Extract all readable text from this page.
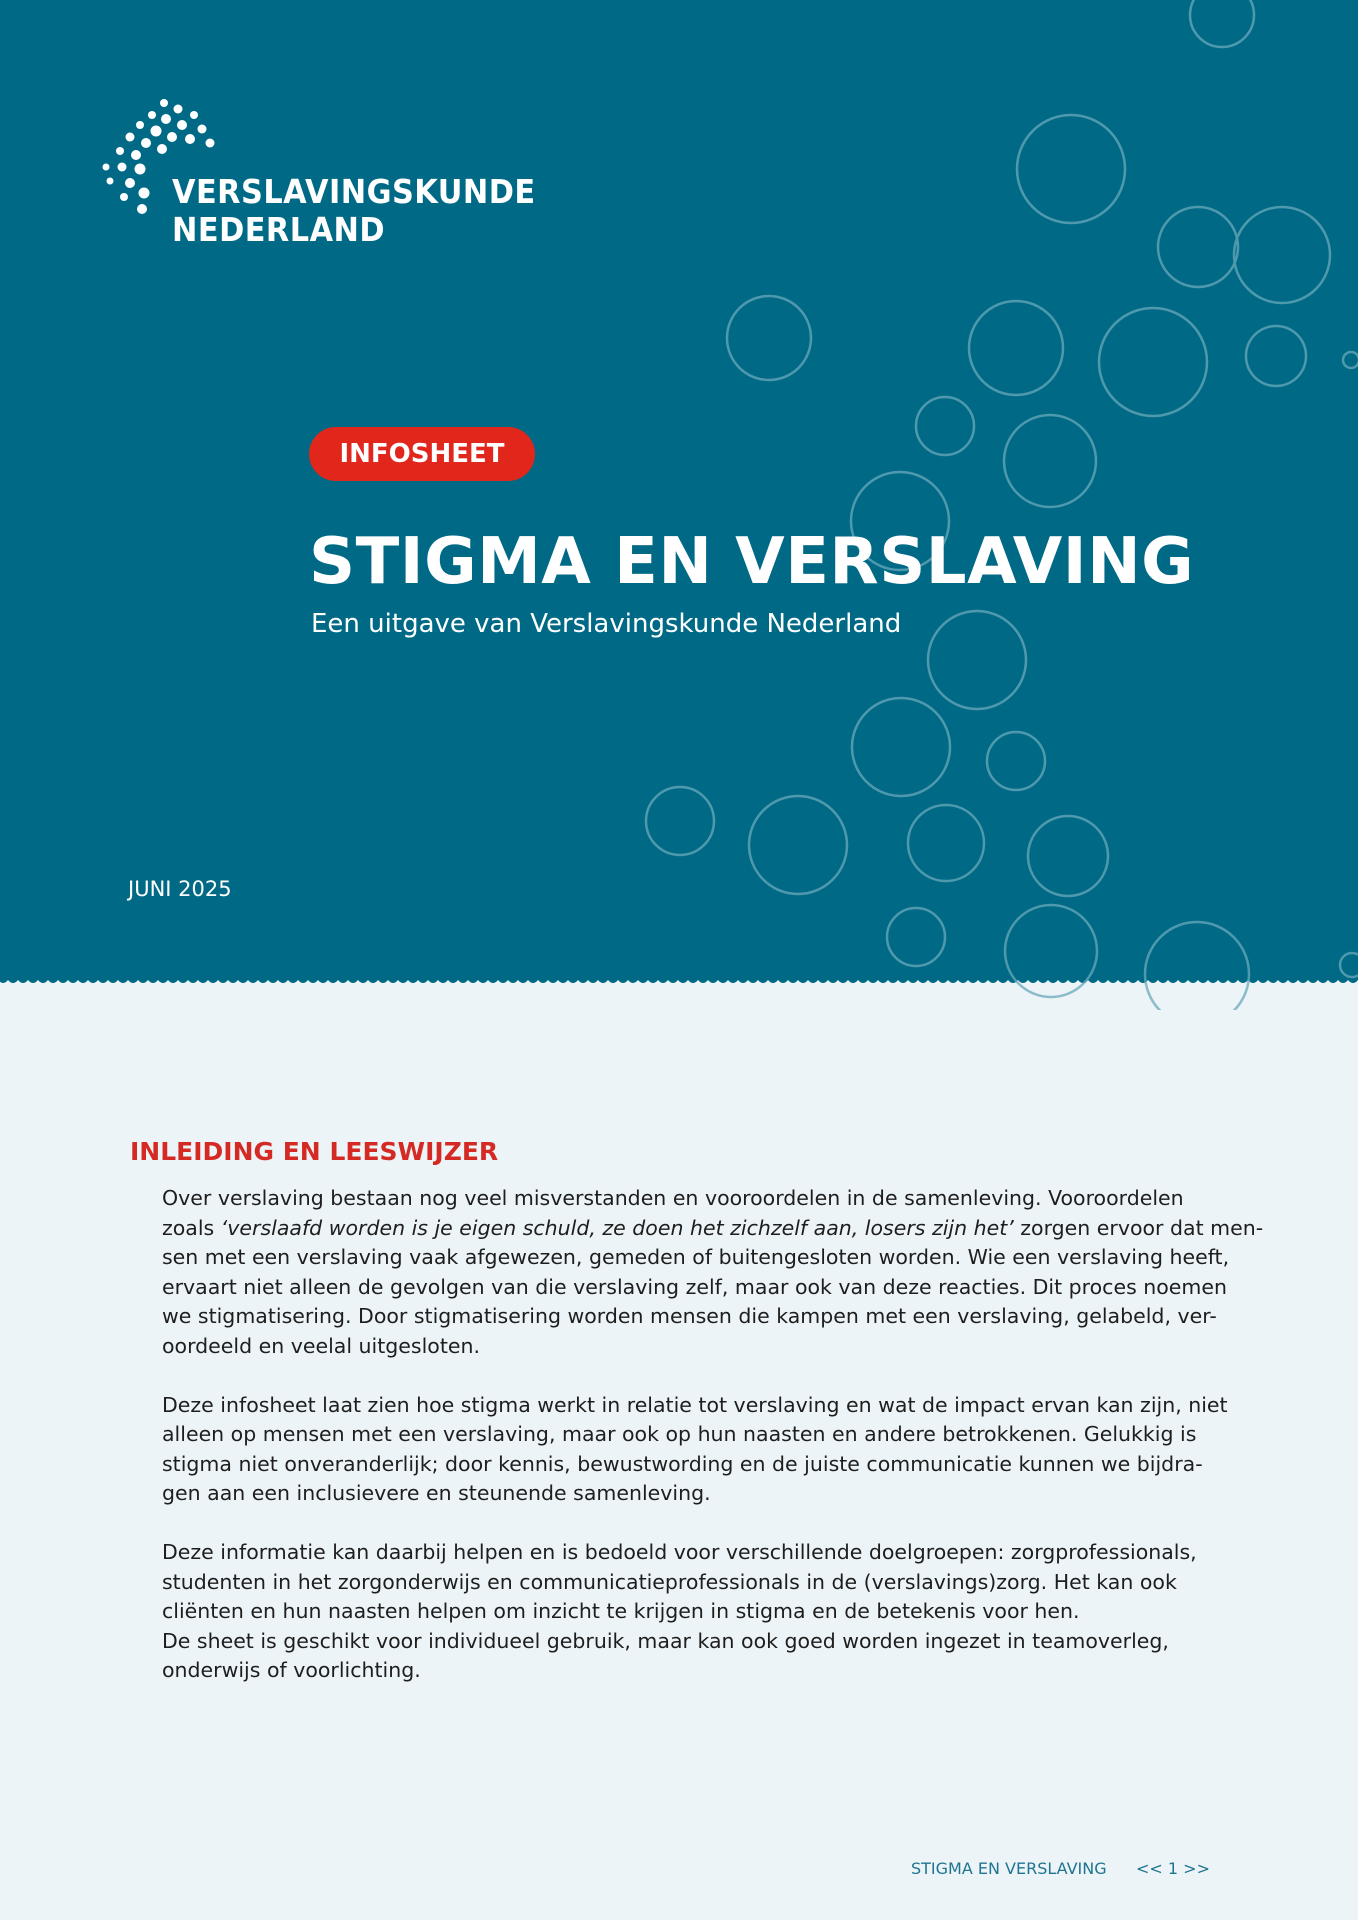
VERSLAVINGSKUNDE
NEDERLAND
INFOSHEET
STIGMA EN VERSLAVING
Een uitgave van Verslavingskunde Nederland
JUNI 2025
INLEIDING EN LEESWIJZER

Over verslaving bestaan nog veel misverstanden en vooroordelen in de samenleving. Vooroordelen
zoals ‘verslaafd worden is je eigen schuld, ze doen het zichzelf aan, losers zijn het’ zorgen ervoor dat men-
sen met een verslaving vaak afgewezen, gemeden of buitengesloten worden. Wie een verslaving heeft,
ervaart niet alleen de gevolgen van die verslaving zelf, maar ook van deze reacties. Dit proces noemen
we stigmatisering. Door stigmatisering worden mensen die kampen met een verslaving, gelabeld, ver-
oordeeld en veelal uitgesloten.

Deze infosheet laat zien hoe stigma werkt in relatie tot verslaving en wat de impact ervan kan zijn, niet
alleen op mensen met een verslaving, maar ook op hun naasten en andere betrokkenen. Gelukkig is
stigma niet onveranderlijk; door kennis, bewustwording en de juiste communicatie kunnen we bijdra-
gen aan een inclusievere en steunende samenleving.

Deze informatie kan daarbij helpen en is bedoeld voor verschillende doelgroepen: zorgprofessionals,
studenten in het zorgonderwijs en communicatieprofessionals in de (verslavings)zorg. Het kan ook
cliënten en hun naasten helpen om inzicht te krijgen in stigma en de betekenis voor hen.
De sheet is geschikt voor individueel gebruik, maar kan ook goed worden ingezet in teamoverleg,
onderwijs of voorlichting.

STIGMA EN VERSLAVING << 1 >>
